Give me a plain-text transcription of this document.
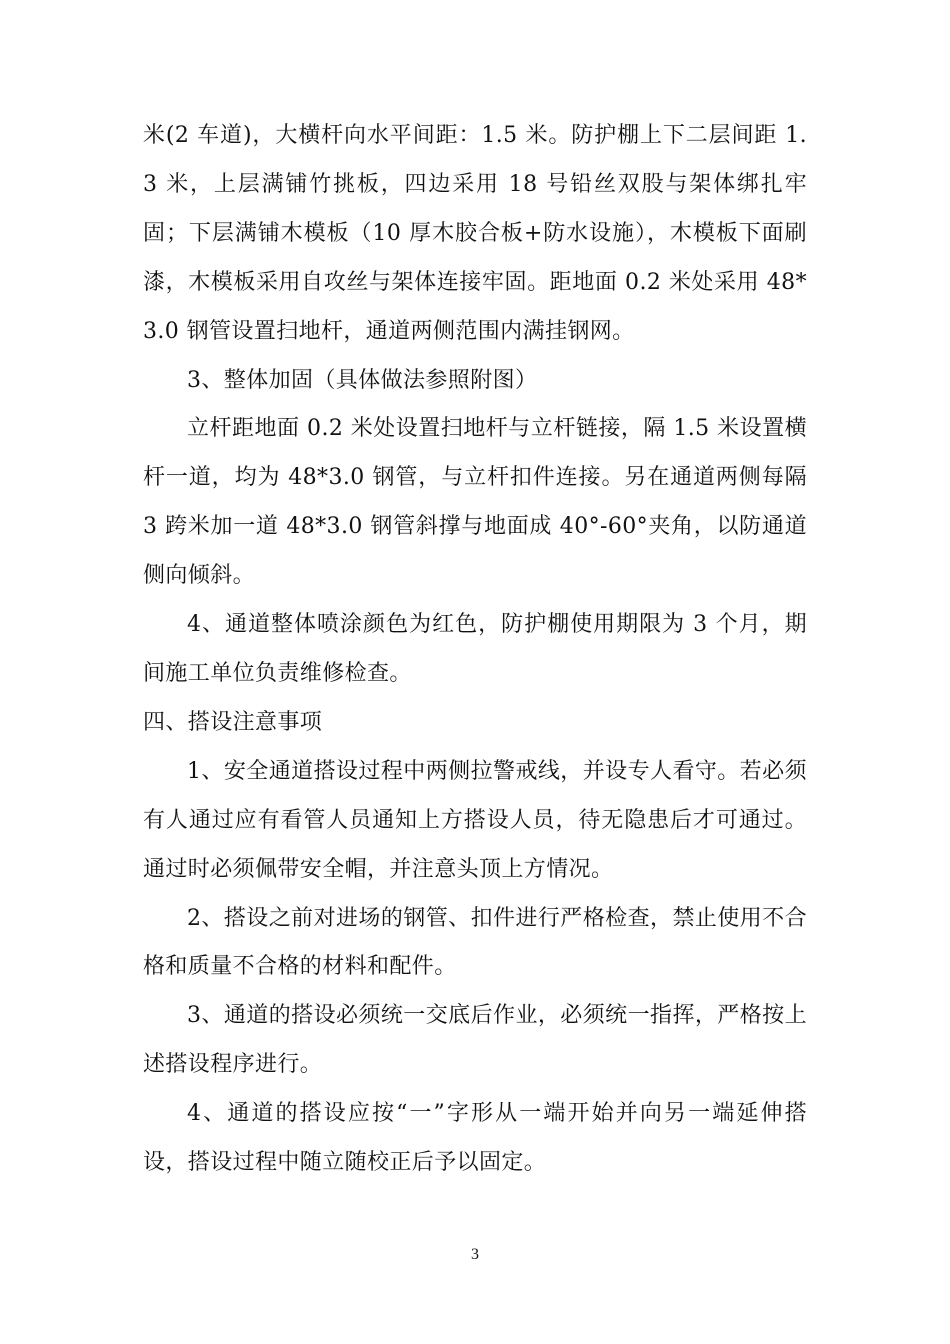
米(2 车道)，大横杆向水平间距：1.5 米。防护棚上下二层间距 1.3 米，上层满铺竹挑板，四边采用 18 号铅丝双股与架体绑扎牢固；下层满铺木模板（10 厚木胶合板+防水设施），木模板下面刷漆，木模板采用自攻丝与架体连接牢固。距地面 0.2 米处采用 48*3.0 钢管设置扫地杆，通道两侧范围内满挂钢网。

3、整体加固（具体做法参照附图）

立杆距地面 0.2 米处设置扫地杆与立杆链接，隔 1.5 米设置横杆一道，均为 48*3.0 钢管，与立杆扣件连接。另在通道两侧每隔 3 跨米加一道 48*3.0 钢管斜撑与地面成 40°-60°夹角，以防通道侧向倾斜。

4、通道整体喷涂颜色为红色，防护棚使用期限为 3 个月，期间施工单位负责维修检查。

四、搭设注意事项

1、安全通道搭设过程中两侧拉警戒线，并设专人看守。若必须有人通过应有看管人员通知上方搭设人员，待无隐患后才可通过。通过时必须佩带安全帽，并注意头顶上方情况。

2、搭设之前对进场的钢管、扣件进行严格检查，禁止使用不合格和质量不合格的材料和配件。

3、通道的搭设必须统一交底后作业，必须统一指挥，严格按上述搭设程序进行。

4、通道的搭设应按“一”字形从一端开始并向另一端延伸搭设，搭设过程中随立随校正后予以固定。

3
